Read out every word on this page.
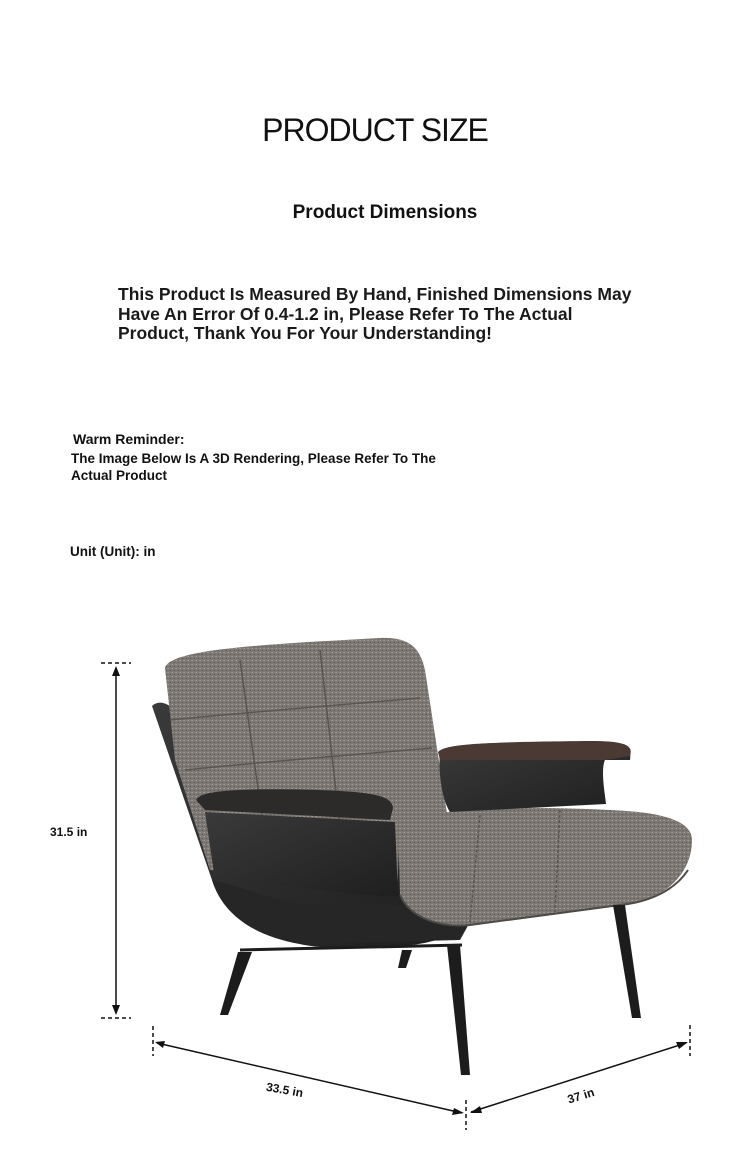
PRODUCT SIZE
Product Dimensions
This Product Is Measured By Hand, Finished Dimensions May Have An Error Of 0.4-1.2 in, Please Refer To The Actual Product, Thank You For Your Understanding!
Warm Reminder:
The Image Below Is A 3D Rendering, Please Refer To The Actual Product
Unit (Unit): in
31.5 in
33.5 in	37 in
